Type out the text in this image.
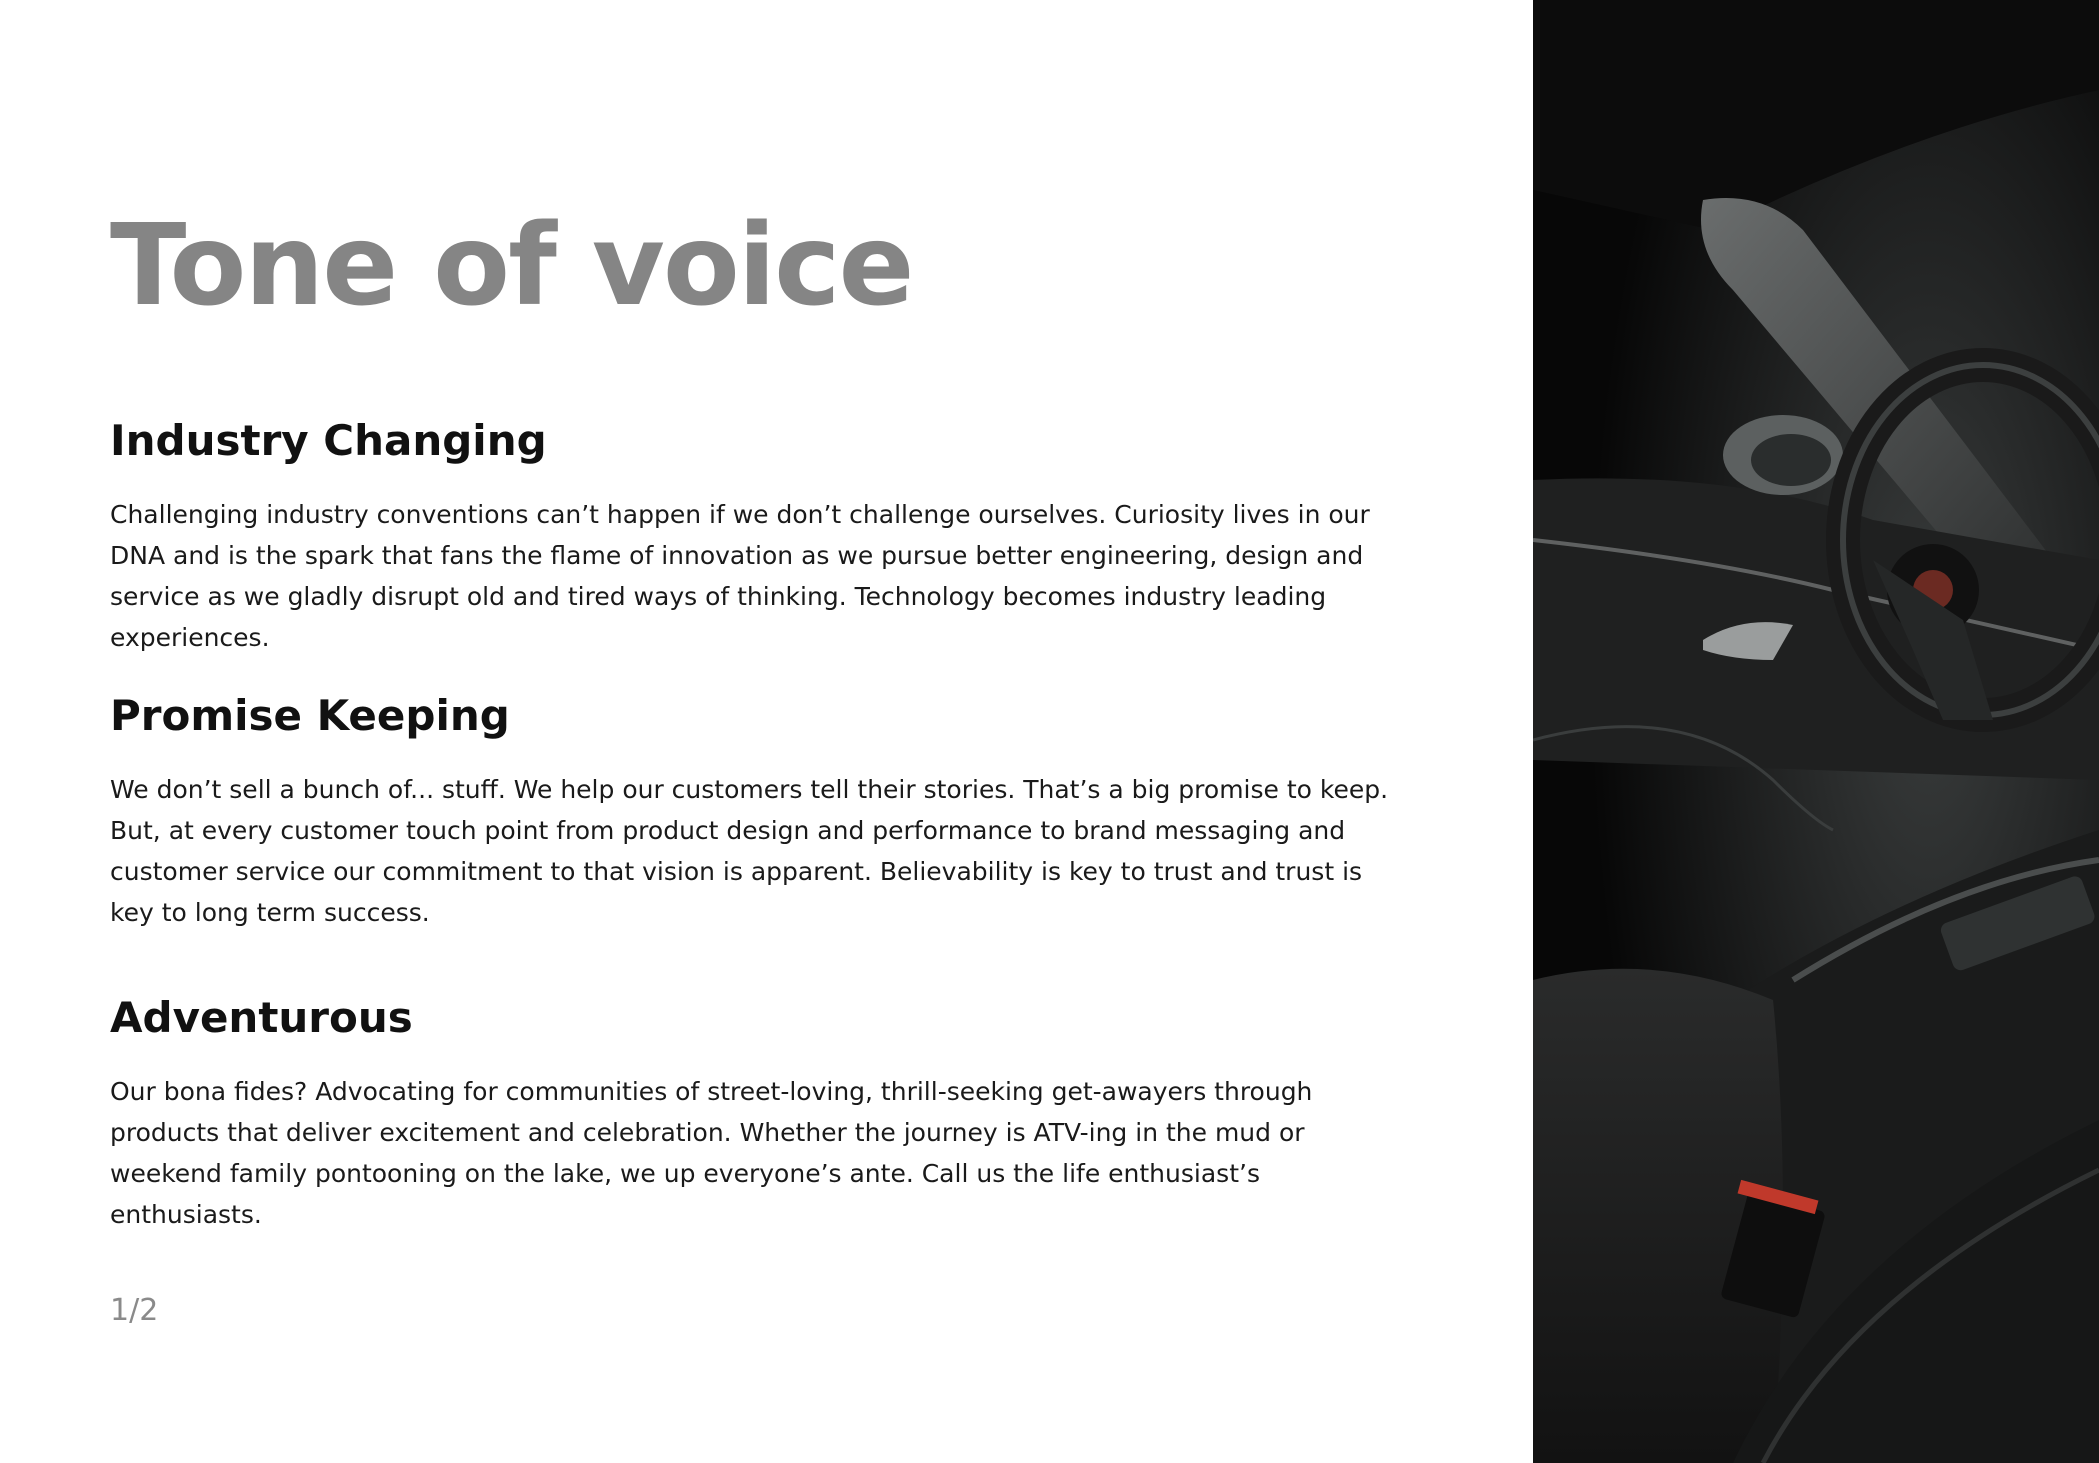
Tone of voice
Industry Changing

Challenging industry conventions can’t happen if we don’t challenge ourselves. Curiosity lives in our DNA and is the spark that fans the flame of innovation as we pursue better engineering, design and service as we gladly disrupt old and tired ways of thinking. Technology becomes industry leading experiences.

Promise Keeping

We don’t sell a bunch of... stuff. We help our customers tell their stories. That’s a big promise to keep. But, at every customer touch point from product design and performance to brand messaging and customer service our commitment to that vision is apparent. Believability is key to trust and trust is key to long term success.

Adventurous

Our bona fides? Advocating for communities of street-loving, thrill-seeking get-awayers through products that deliver excitement and celebration. Whether the journey is ATV-ing in the mud or weekend family pontooning on the lake, we up everyone’s ante. Call us the life enthusiast’s enthusiasts.

1/2
